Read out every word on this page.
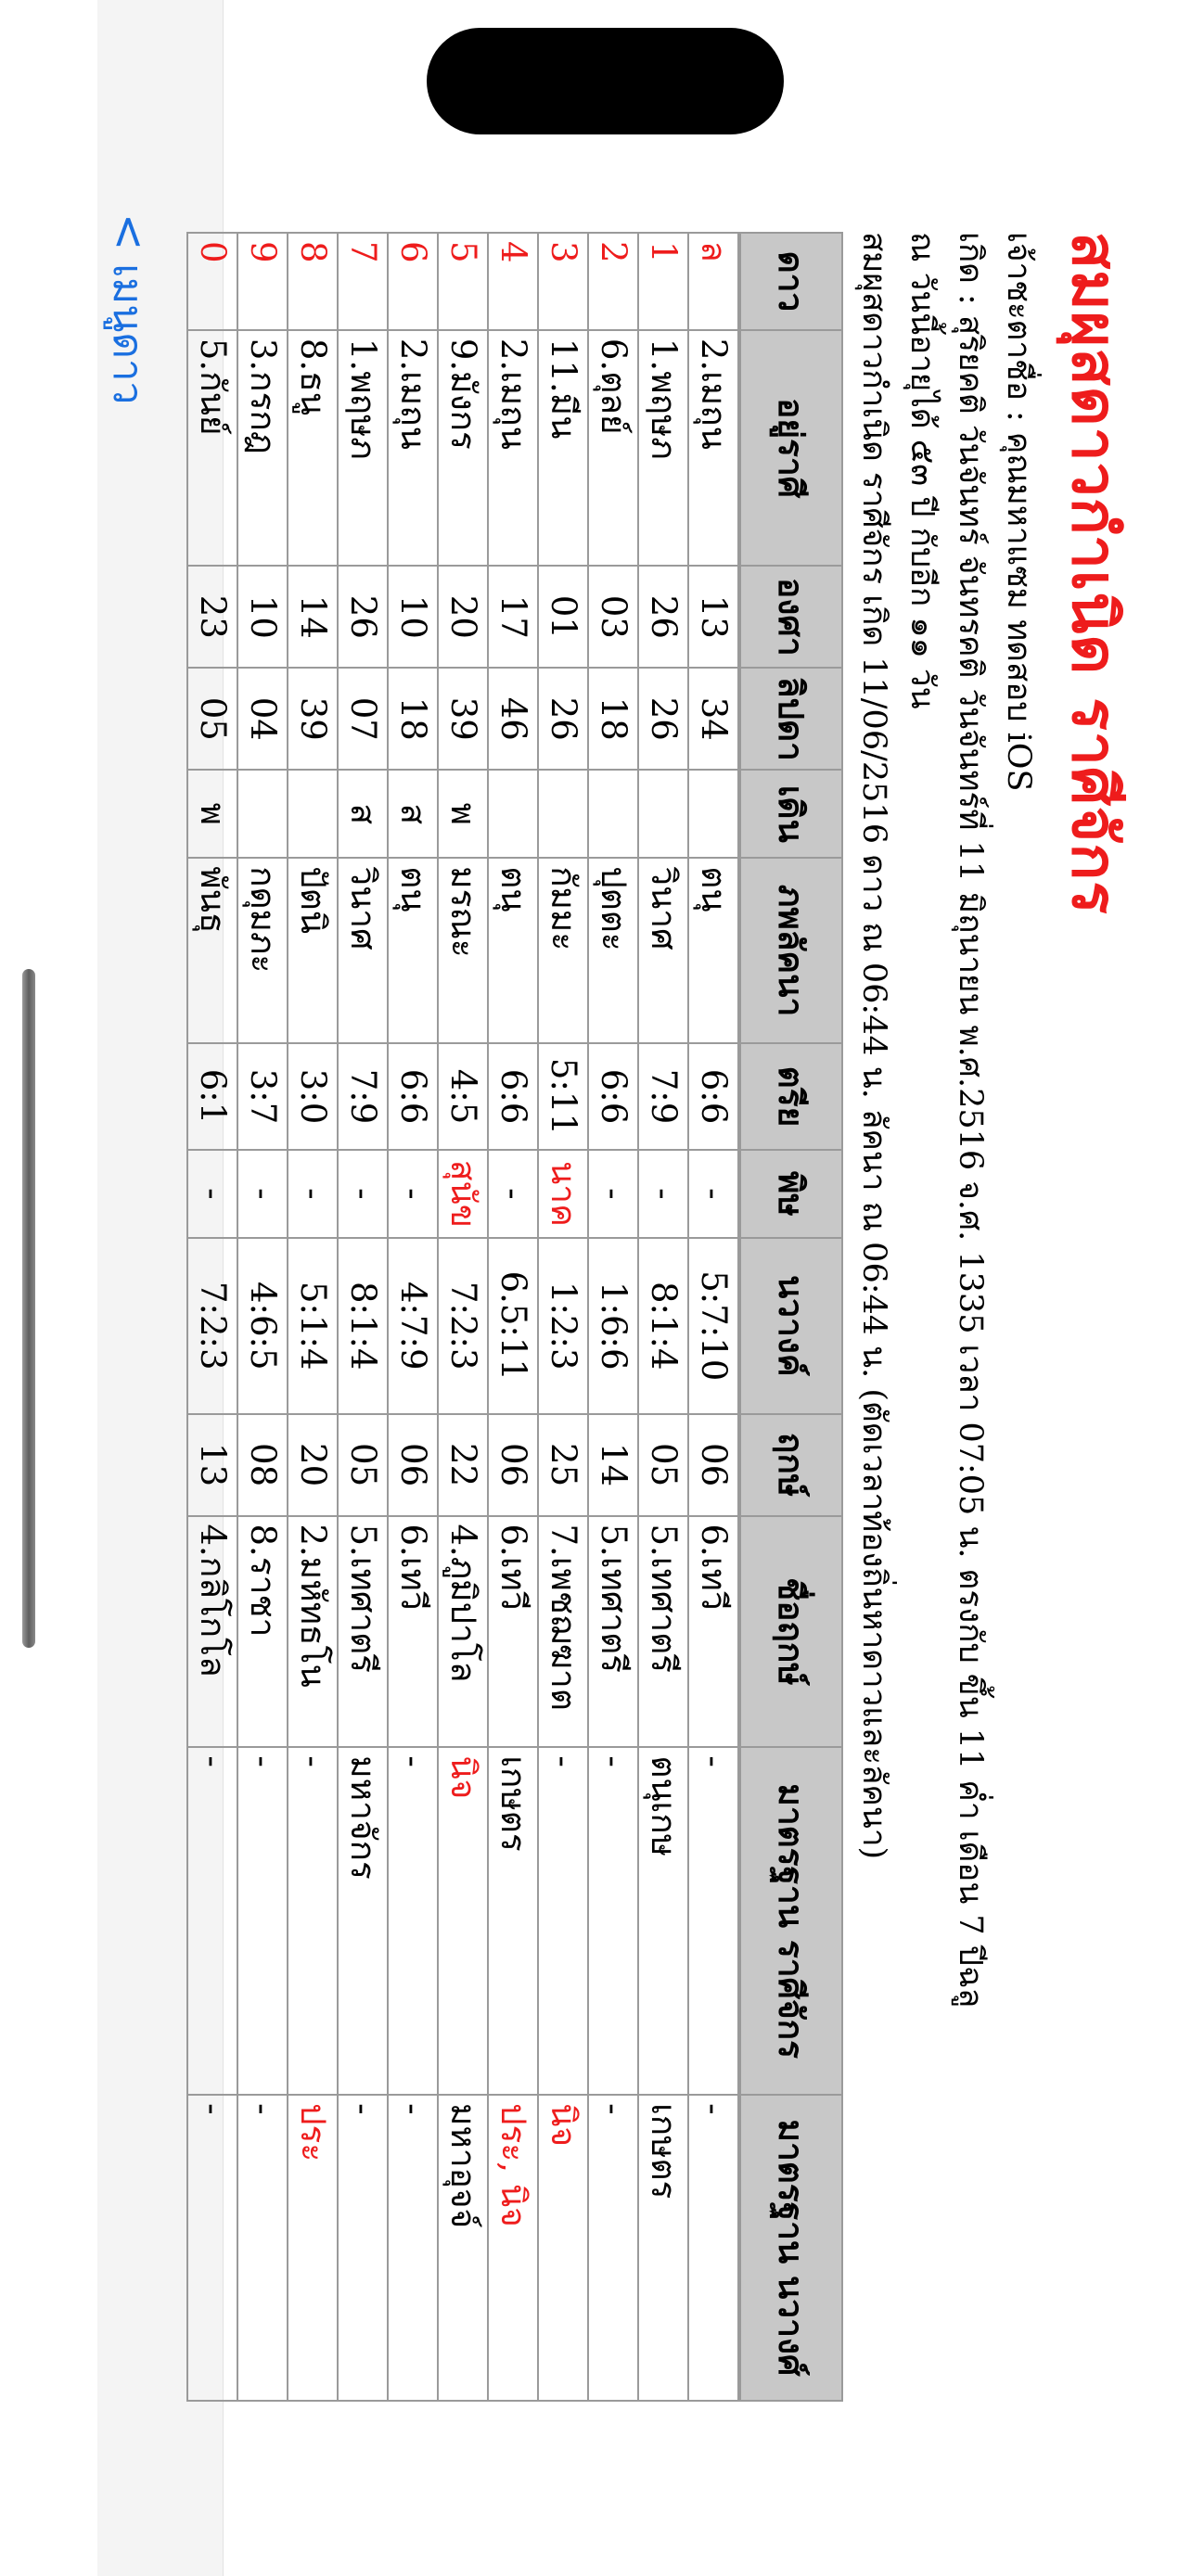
< เมนูดาว	สมผุสดาวกำเนิด ราศีจักร
เจ้าชะตาชื่อ : คุณมหาแซม ทดสอบ iOS
เกิด : สุริยคติ วันจันทร์ จันทรคติ วันจันทร์ที่ 11 มิถุนายน พ.ศ.2516 จ.ศ. 1335 เวลา 07:05 น. ตรงกับ ขึ้น 11 ค่ำ เดือน 7 ปีฉลู
ณ วันนี้อายุได้ ๕๓ ปี กับอีก ๑๑ วัน
สมผุสดาวกำเนิด ราศีจักร เกิด 11/06/2516 ดาว ณ 06:44 น. ลัคนา ณ 06:44 น. (ตัดเวลาท้องถิ่นหาดาวและลัคนา)
ดาว	อยู่ราศี	องศา	ลิปดา	เดิน	ภพลัคนา	ตรีย	พิษ	นวางค์	ฤกษ์	ชื่อฤกษ์	มาตรฐาน ราศีจักร	มาตรฐาน นวางศ์
ล	2.เมถุน	13	34		ตนุ	6:6	-	5:7:10	06	6.เทวี	-	-
1	1.พฤษภ	26	26		วินาศ	7:9	-	8:1:4	05	5.เทศาตรี	ตนุเกษ	เกษตร
2	6.ตุลย์	03	18		ปุตตะ	6:6	-	1:6:6	14	5.เทศาตรี	-	-
3	11.มีน	01	26		กัมมะ	5:11	นาค	1:2:3	25	7.เพชฌฆาต	-	นิจ
4	2.เมถุน	17	46		ตนุ	6:6	-	6.5:11	06	6.เทวี	เกษตร	ประ, นิจ
5	9.มังกร	20	39	พ	มรณะ	4:5	สุนัข	7:2:3	22	4.ภูมิปาโล	นิจ	มหาอุจจ์
6	2.เมถุน	10	18	ส	ตนุ	6:6	-	4:7:9	06	6.เทวี	-	-
7	1.พฤษภ	26	07	ส	วินาศ	7:9	-	8:1:4	05	5.เทศาตรี	มหาจักร	-
8	8.ธนู	14	39		ปัตนิ	3:0	-	5:1:4	20	2.มหัทธโน	-	ประ
9	3.กรกฎ	10	04		กดุมภะ	3:7	-	4:6:5	08	8.ราชา	-	-
0	5.กันย์	23	05	พ	พันธุ	6:1	-	7:2:3	13	4.กลิโกโล	-	-
